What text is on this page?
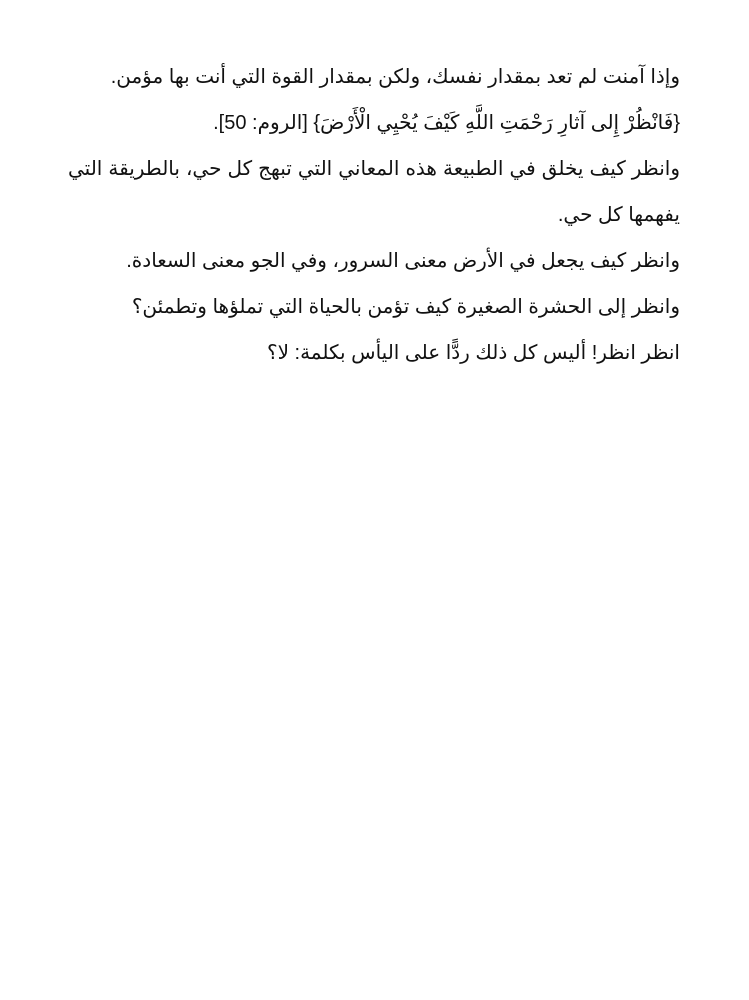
وإذا آمنت لم تعد بمقدار نفسك، ولكن بمقدار القوة التي أنت بها مؤمن.

{فَانْظُرْ إِلى آثارِ رَحْمَتِ اللَّهِ كَيْفَ يُحْيِي الْأَرْضَ} [الروم: 50].

وانظر كيف يخلق في الطبيعة هذه المعاني التي تبهج كل حي، بالطريقة التي يفهمها كل حي.

وانظر كيف يجعل في الأرض معنى السرور، وفي الجو معنى السعادة.

وانظر إلى الحشرة الصغيرة كيف تؤمن بالحياة التي تملؤها وتطمئن؟

انظر انظر! أليس كل ذلك ردًّا على اليأس بكلمة: لا؟
